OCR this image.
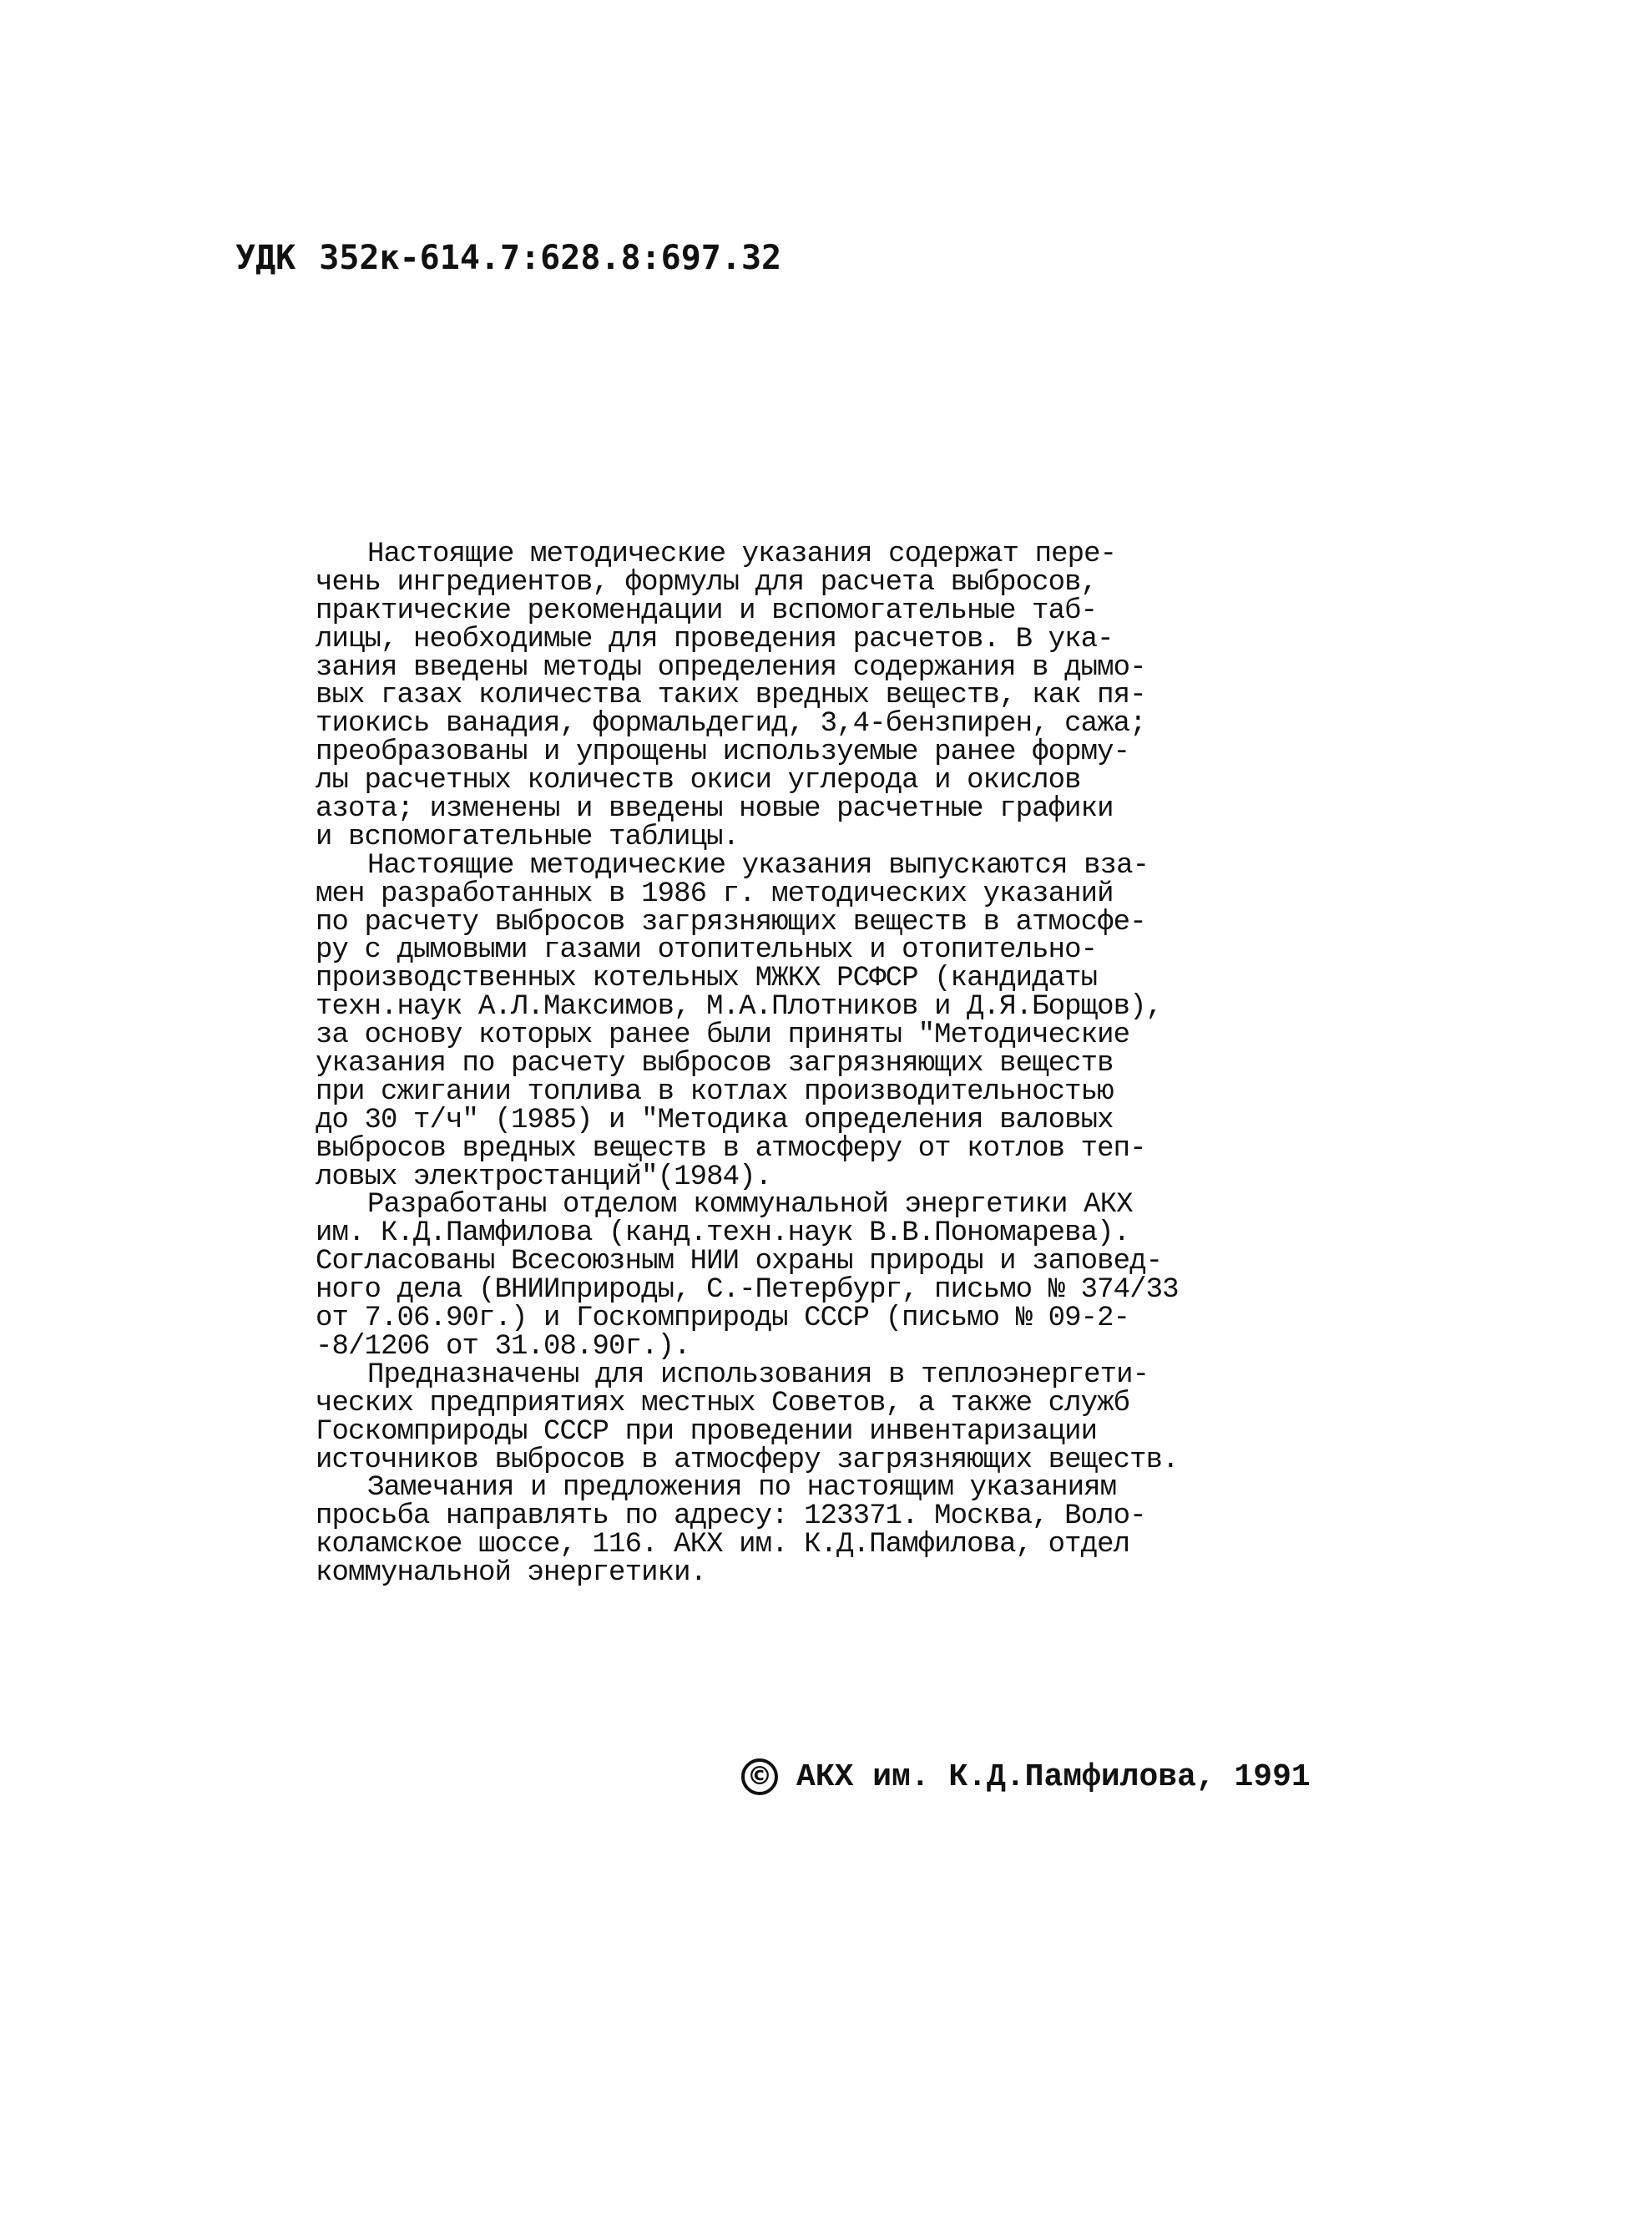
УДК 352к-614.7:628.8:697.32
Настоящие методические указания содержат пере-
чень ингредиентов, формулы для расчета выбросов,
практические рекомендации и вспомогательные таб-
лицы, необходимые для проведения расчетов. В ука-
зания введены методы определения содержания в дымо-
вых газах количества таких вредных веществ, как пя-
тиокись ванадия, формальдегид, 3,4-бензпирен, сажа;
преобразованы и упрощены используемые ранее форму-
лы расчетных количеств окиси углерода и окислов
азота; изменены и введены новые расчетные графики
и вспомогательные таблицы.
Настоящие методические указания выпускаются вза-
мен разработанных в 1986 г. методических указаний
по расчету выбросов загрязняющих веществ в атмосфе-
ру с дымовыми газами отопительных и отопительно-
производственных котельных МЖКХ РСФСР (кандидаты
техн.наук А.Л.Максимов, М.А.Плотников и Д.Я.Борщов),
за основу которых ранее были приняты "Методические
указания по расчету выбросов загрязняющих веществ
при сжигании топлива в котлах производительностью
до 30 т/ч" (1985) и "Методика определения валовых
выбросов вредных веществ в атмосферу от котлов теп-
ловых электростанций"(1984).
Разработаны отделом коммунальной энергетики АКХ
им. К.Д.Памфилова (канд.техн.наук В.В.Пономарева).
Согласованы Всесоюзным НИИ охраны природы и заповед-
ного дела (ВНИИприроды, С.-Петербург, письмо № 374/33
от 7.06.90г.) и Госкомприроды СССР (письмо № 09-2-
-8/1206 от 31.08.90г.).
Предназначены для использования в теплоэнергети-
ческих предприятиях местных Советов, а также служб
Госкомприроды СССР при проведении инвентаризации
источников выбросов в атмосферу загрязняющих веществ.
Замечания и предложения по настоящим указаниям
просьба направлять по адресу: 123371. Москва, Воло-
коламское шоссе, 116. АКХ им. К.Д.Памфилова, отдел
коммунальной энергетики.
© АКХ им. К.Д.Памфилова, 1991
